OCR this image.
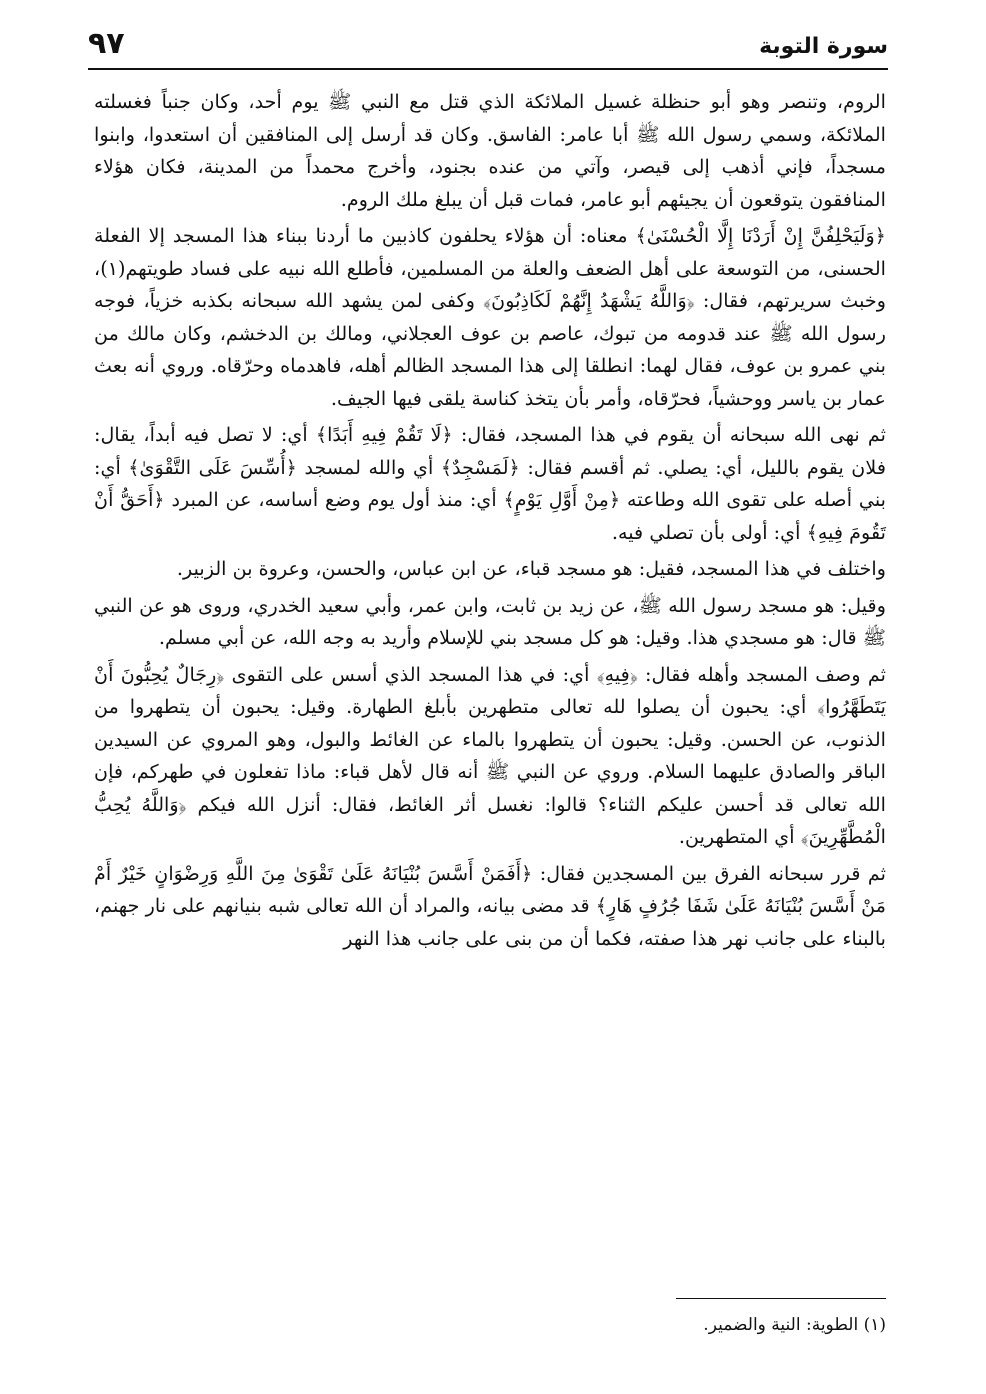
سورة التوبة
٩٧

الروم، وتنصر وهو أبو حنظلة غسيل الملائكة الذي قتل مع النبي ﷺ يوم أحد، وكان جنباً فغسلته الملائكة، وسمي رسول الله ﷺ أبا عامر: الفاسق. وكان قد أرسل إلى المنافقين أن استعدوا، وابنوا مسجداً، فإني أذهب إلى قيصر، وآتي من عنده بجنود، وأخرج محمداً من المدينة، فكان هؤلاء المنافقون يتوقعون أن يجيئهم أبو عامر، فمات قبل أن يبلغ ملك الروم.

﴿وَلَيَحْلِفُنَّ إِنْ أَرَدْنَا إِلَّا الْحُسْنَىٰ﴾ معناه: أن هؤلاء يحلفون كاذبين ما أردنا ببناء هذا المسجد إلا الفعلة الحسنى، من التوسعة على أهل الضعف والعلة من المسلمين، فأطلع الله نبيه على فساد طويتهم(١)، وخبث سريرتهم، فقال: ﴿وَاللَّهُ يَشْهَدُ إِنَّهُمْ لَكَاذِبُونَ﴾ وكفى لمن يشهد الله سبحانه بكذبه خزياً، فوجه رسول الله ﷺ عند قدومه من تبوك، عاصم بن عوف العجلاني، ومالك بن الدخشم، وكان مالك من بني عمرو بن عوف، فقال لهما: انطلقا إلى هذا المسجد الظالم أهله، فاهدماه وحرّقاه. وروي أنه بعث عمار بن ياسر ووحشياً، فحرّقاه، وأمر بأن يتخذ كناسة يلقى فيها الجيف.

ثم نهى الله سبحانه أن يقوم في هذا المسجد، فقال: ﴿لَا تَقُمْ فِيهِ أَبَدًا﴾ أي: لا تصل فيه أبداً، يقال: فلان يقوم بالليل، أي: يصلي. ثم أقسم فقال: ﴿لَمَسْجِدٌ﴾ أي والله لمسجد ﴿أُسِّسَ عَلَى التَّقْوَىٰ﴾ أي: بني أصله على تقوى الله وطاعته ﴿مِنْ أَوَّلِ يَوْمٍ﴾ أي: منذ أول يوم وضع أساسه، عن المبرد ﴿أَحَقُّ أَنْ تَقُومَ فِيهِ﴾ أي: أولى بأن تصلي فيه.

واختلف في هذا المسجد، فقيل: هو مسجد قباء، عن ابن عباس، والحسن، وعروة بن الزبير.

وقيل: هو مسجد رسول الله ﷺ، عن زيد بن ثابت، وابن عمر، وأبي سعيد الخدري، وروى هو عن النبي ﷺ قال: هو مسجدي هذا. وقيل: هو كل مسجد بني للإسلام وأريد به وجه الله، عن أبي مسلم.

ثم وصف المسجد وأهله فقال: ﴿فِيهِ﴾ أي: في هذا المسجد الذي أسس على التقوى ﴿رِجَالٌ يُحِبُّونَ أَنْ يَتَطَهَّرُوا﴾ أي: يحبون أن يصلوا لله تعالى متطهرين بأبلغ الطهارة. وقيل: يحبون أن يتطهروا من الذنوب، عن الحسن. وقيل: يحبون أن يتطهروا بالماء عن الغائط والبول، وهو المروي عن السيدين الباقر والصادق عليهما السلام. وروي عن النبي ﷺ أنه قال لأهل قباء: ماذا تفعلون في طهركم، فإن الله تعالى قد أحسن عليكم الثناء؟ قالوا: نغسل أثر الغائط، فقال: أنزل الله فيكم ﴿وَاللَّهُ يُحِبُّ الْمُطَّهِّرِينَ﴾ أي المتطهرين.

ثم قرر سبحانه الفرق بين المسجدين فقال: ﴿أَفَمَنْ أَسَّسَ بُنْيَانَهُ عَلَىٰ تَقْوَىٰ مِنَ اللَّهِ وَرِضْوَانٍ خَيْرٌ أَمْ مَنْ أَسَّسَ بُنْيَانَهُ عَلَىٰ شَفَا جُرُفٍ هَارٍ﴾ قد مضى بيانه، والمراد أن الله تعالى شبه بنيانهم على نار جهنم، بالبناء على جانب نهر هذا صفته، فكما أن من بنى على جانب هذا النهر

(١) الطوية: النية والضمير.
